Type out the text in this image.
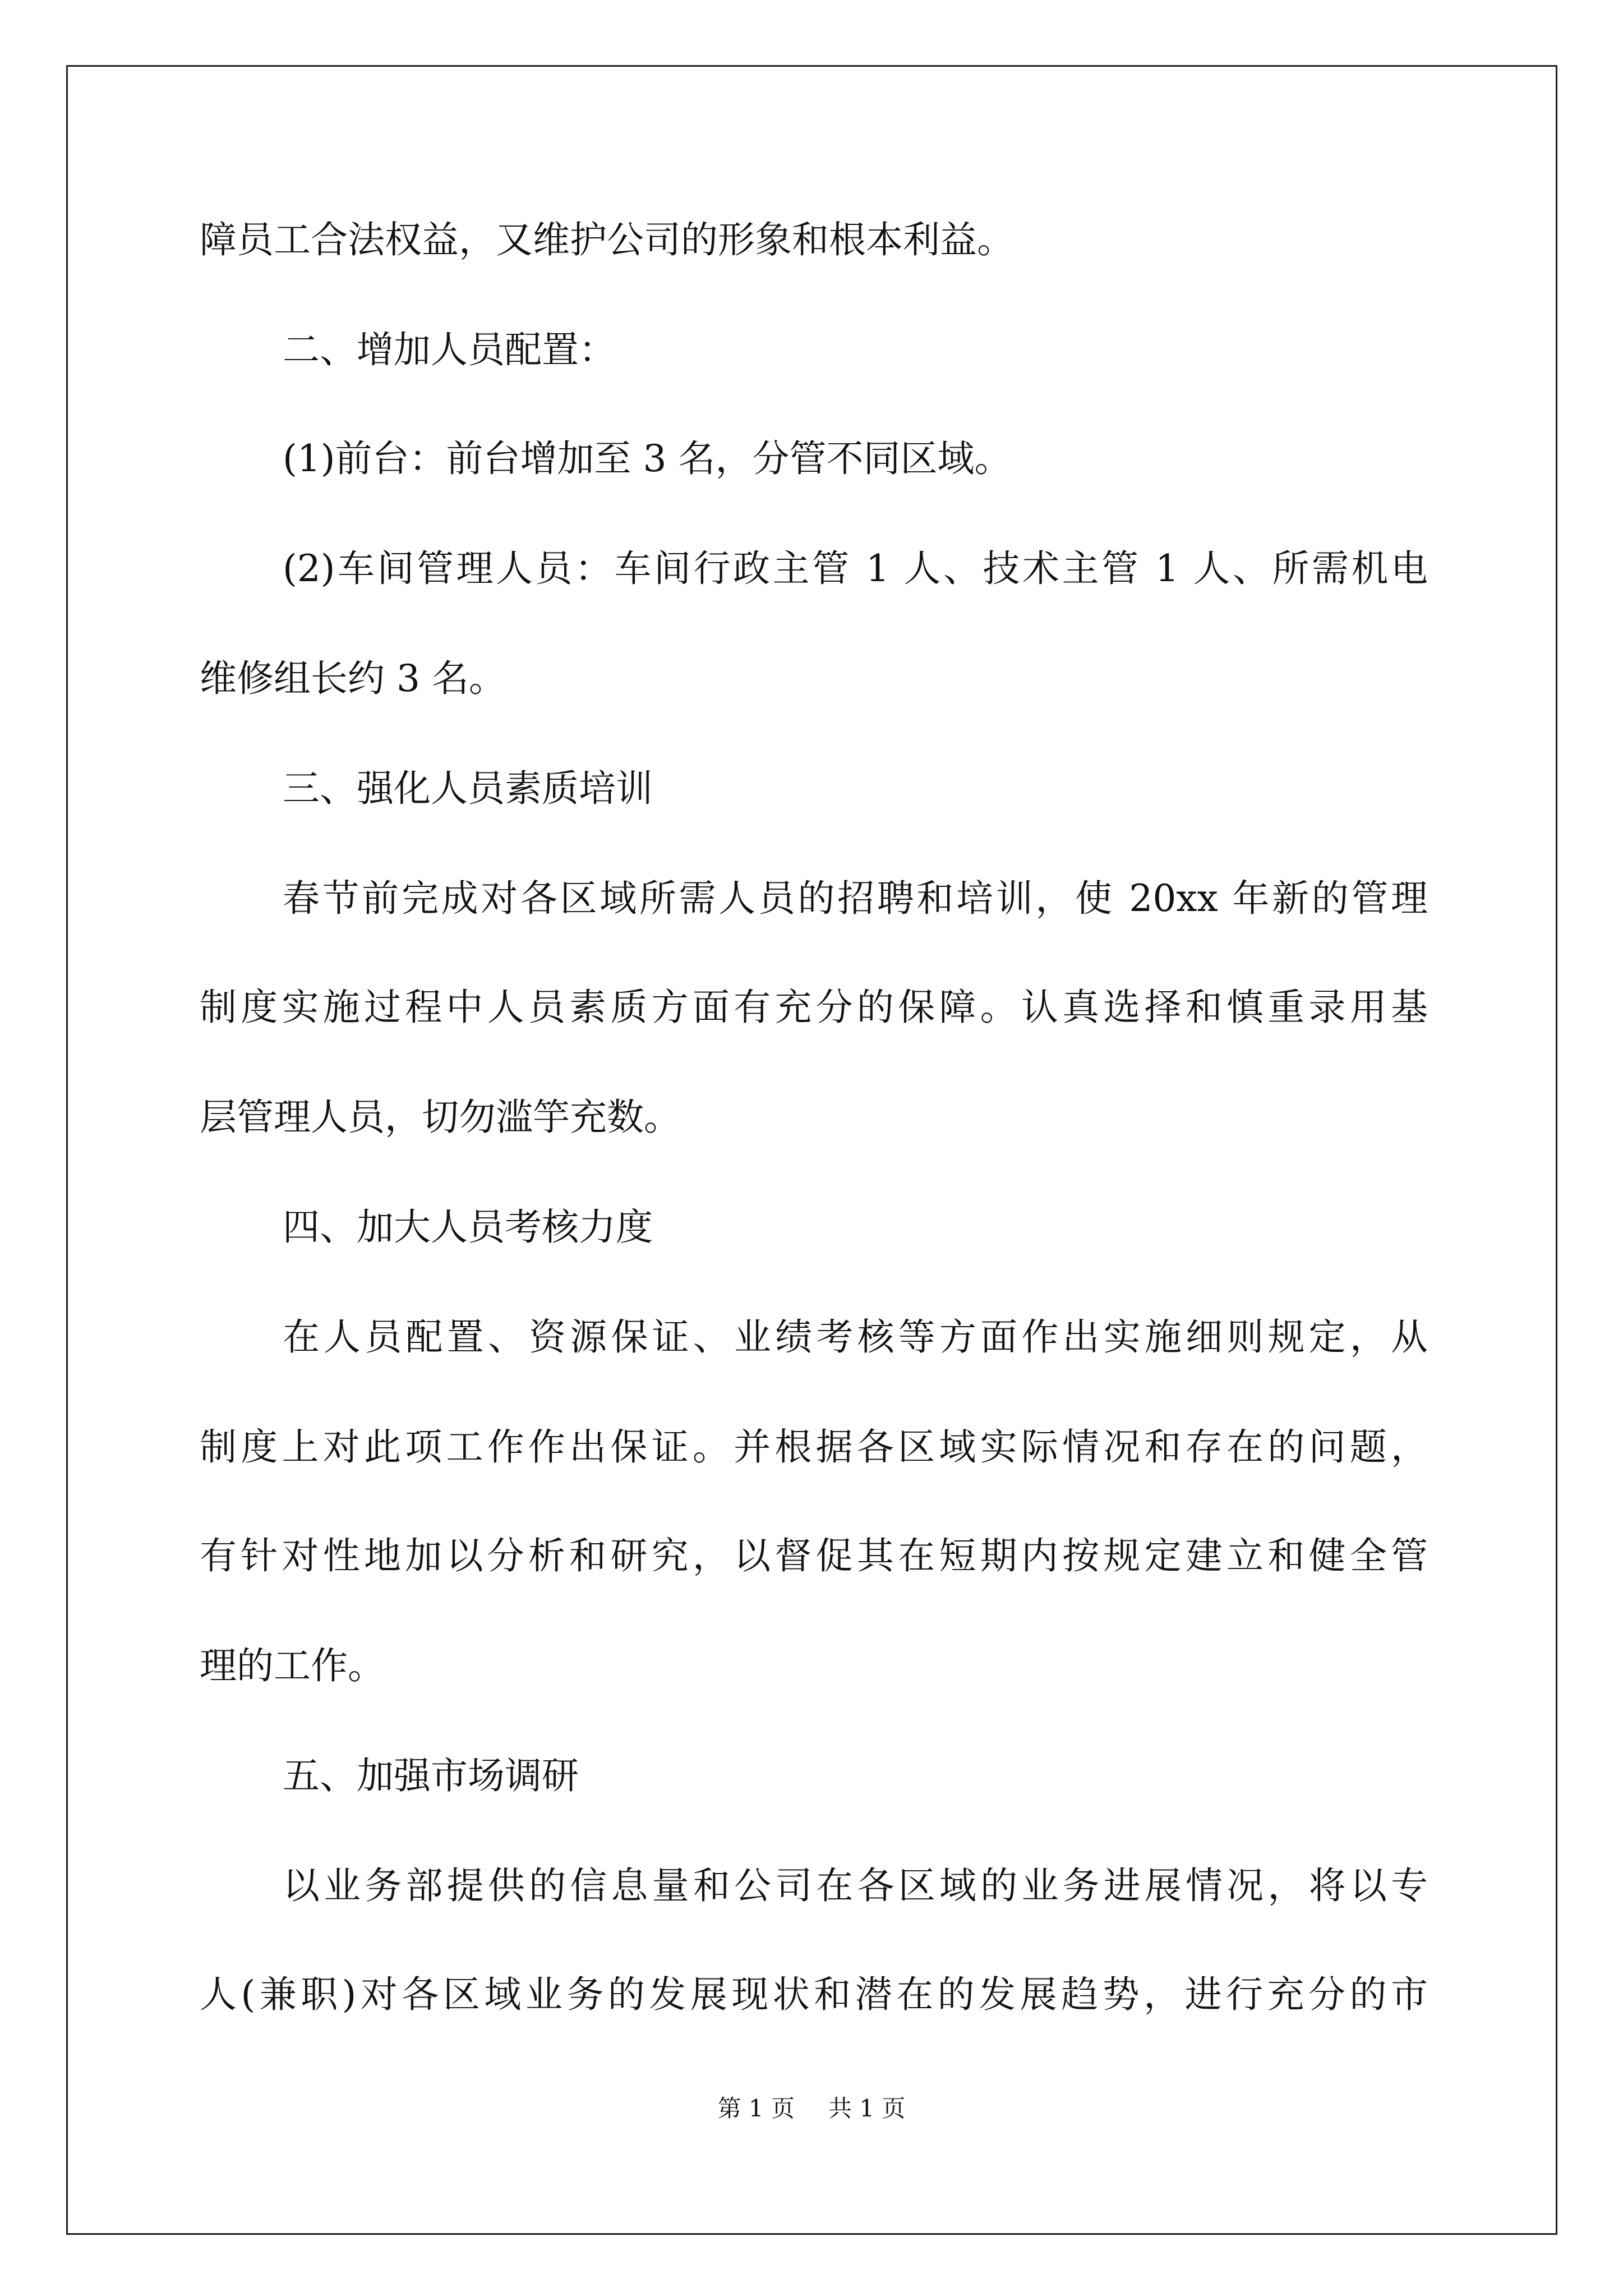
障员工合法权益，又维护公司的形象和根本利益。
二、增加人员配置：
(1)前台：前台增加至 3 名，分管不同区域。
(2)车间管理人员：车间行政主管 1 人、技术主管 1 人、所需机电
维修组长约 3 名。
三、强化人员素质培训
春节前完成对各区域所需人员的招聘和培训，使 20xx 年新的管理
制度实施过程中人员素质方面有充分的保障。认真选择和慎重录用基
层管理人员，切勿滥竽充数。
四、加大人员考核力度
在人员配置、资源保证、业绩考核等方面作出实施细则规定，从
制度上对此项工作作出保证。并根据各区域实际情况和存在的问题，
有针对性地加以分析和研究，以督促其在短期内按规定建立和健全管
理的工作。
五、加强市场调研
以业务部提供的信息量和公司在各区域的业务进展情况，将以专
人(兼职)对各区域业务的发展现状和潜在的发展趋势，进行充分的市
第 1 页 共 1 页
